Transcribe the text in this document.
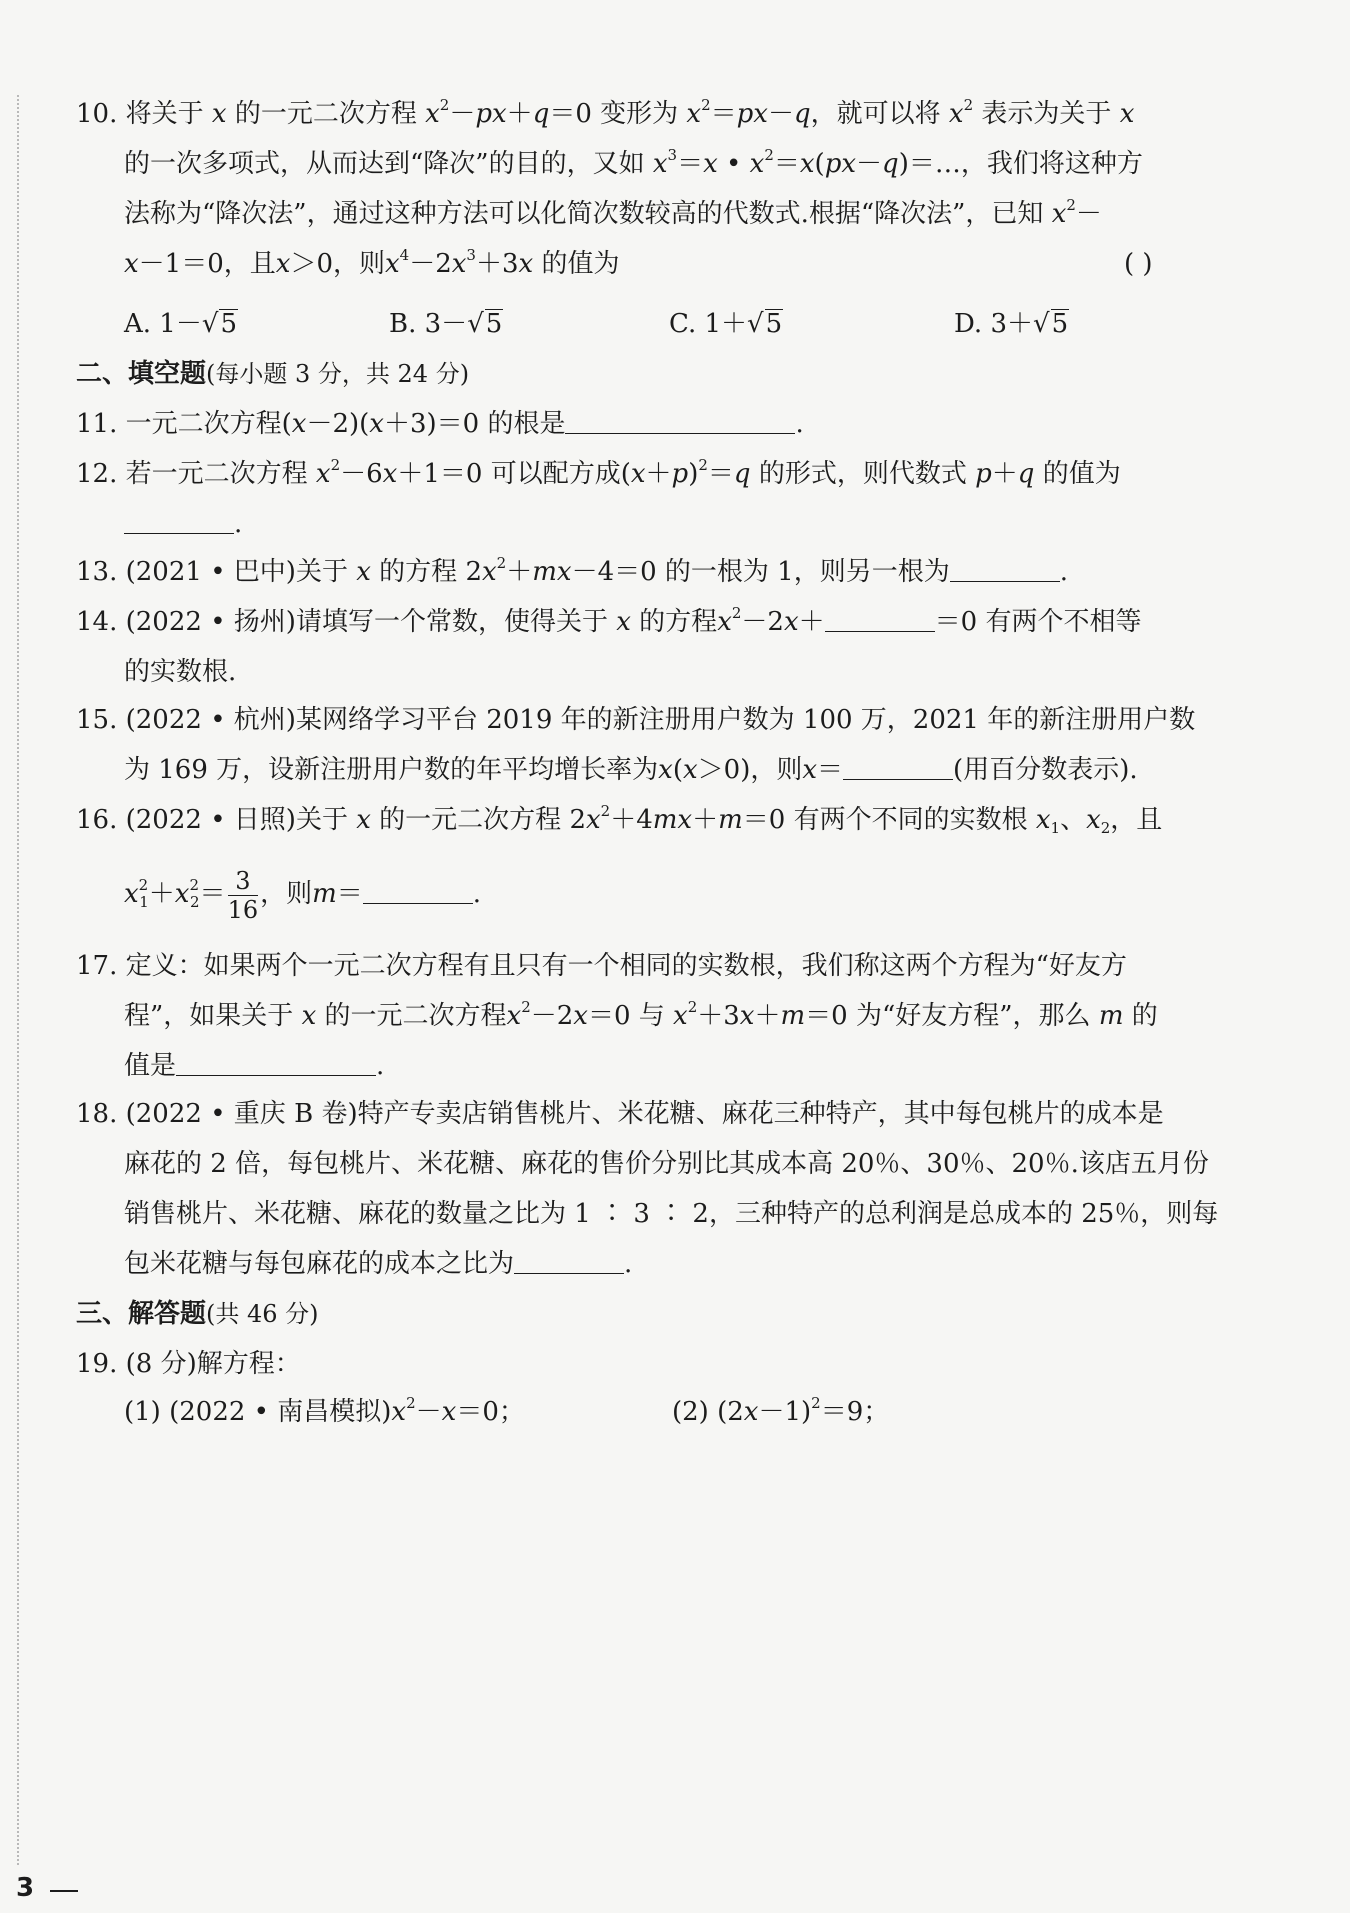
10. 将关于 x 的一元二次方程 $x^2-px+q=0$ 变形为 $x^2=px-q$，就可以将 $x^2$ 表示为关于 x
的一次多项式，从而达到“降次”的目的，又如 $x^3=x$ • $x^2=x(px-q)=\dots$，我们将这种方
法称为“降次法”，通过这种方法可以化简次数较高的代数式.根据“降次法”，已知 $x^2-$
x－1＝0，且x＞0，则$x^4-2x^3+3x$ 的值为	( )
A. 1－√5	B. 3－√5	C. 1＋√5	D. 3＋√5
二、填空题(每小题 3 分，共 24 分)
11. 一元二次方程(x－2)(x＋3)＝0 的根是	.
12. 若一元二次方程 $x^2-6x+1=0$ 可以配方成$(x+p)^2=q$ 的形式，则代数式 p＋q 的值为
.
13. (2021 • 巴中)关于 x 的方程 $2x^2+mx-4=0$ 的一根为 1，则另一根为	.
14. (2022 • 扬州)请填写一个常数，使得关于 x 的方程$x^2-2x+$	＝0 有两个不相等
的实数根.
15. (2022 • 杭州)某网络学习平台 2019 年的新注册用户数为 100 万，2021 年的新注册用户数
为 169 万，设新注册用户数的年平均增长率为x(x＞0)，则x＝	(用百分数表示).
16. (2022 • 日照)关于 x 的一元二次方程 $2x^2+4mx+m=0$ 有两个不同的实数根 $x_1$、$x_2$，且
$x^2_1+x^2_2= \frac{3}{16}$ ，则m＝	.
17. 定义：如果两个一元二次方程有且只有一个相同的实数根，我们称这两个方程为“好友方
程”，如果关于 x 的一元二次方程$x^2-2x=0$ 与 $x^2+3x+m=0$ 为“好友方程”，那么 m 的
值是	.
18. (2022 • 重庆 B 卷)特产专卖店销售桃片、米花糖、麻花三种特产，其中每包桃片的成本是
麻花的 2 倍，每包桃片、米花糖、麻花的售价分别比其成本高 20％、30％、20％.该店五月份
销售桃片、米花糖、麻花的数量之比为 1 ∶ 3 ∶ 2，三种特产的总利润是总成本的 25％，则每
包米花糖与每包麻花的成本之比为	.
三、解答题(共 46 分)
19. (8 分)解方程：
(1) (2022 • 南昌模拟)$x^2-x=0$；	(2) $(2x-1)^2=9$；
3
